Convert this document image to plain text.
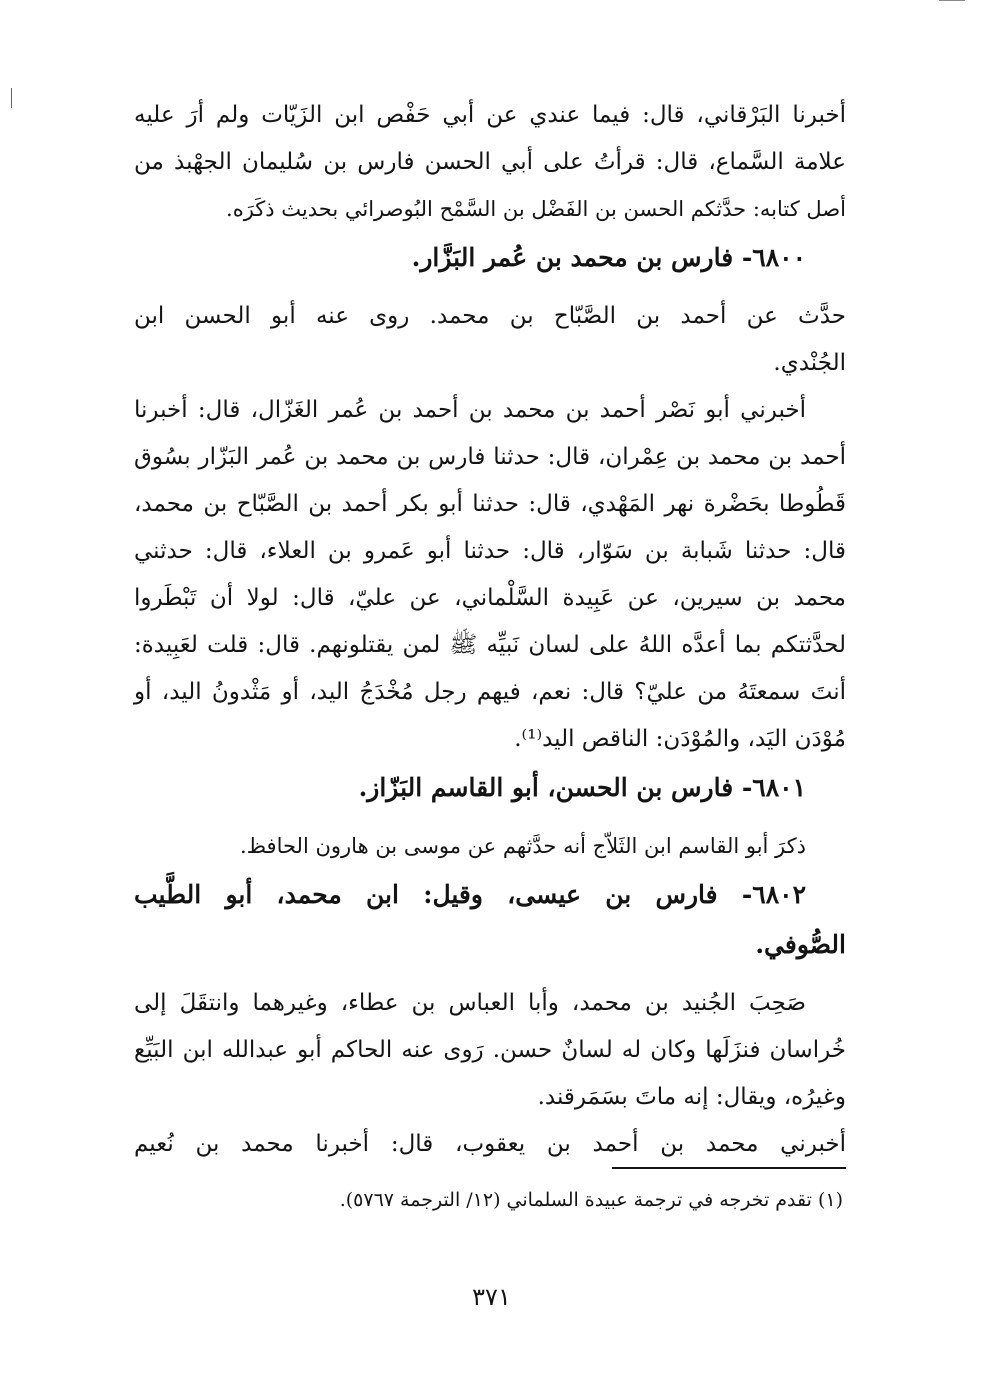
أخبرنا البَرْقاني، قال: فيما عندي عن أبي حَفْص ابن الزَيّات ولم أرَ عليه
علامة السَّماع، قال: قرأتُ على أبي الحسن فارس بن سُليمان الجهْبذ من
أصل كتابه: حدَّثكم الحسن بن الفَضْل بن السَّمْح البُوصرائي بحديث ذكَرَه.
٦٨٠٠- فارس بن محمد بن عُمر البَزَّار.
حدَّث عن أحمد بن الصَّبّاح بن محمد. روى عنه أبو الحسن ابن
الجُنْدي.
أخبرني أبو نَصْر أحمد بن محمد بن أحمد بن عُمر الغَزّال، قال: أخبرنا
أحمد بن محمد بن عِمْران، قال: حدثنا فارس بن محمد بن عُمر البَزّار بسُوق
قَطُوطا بحَضْرة نهر المَهْدي، قال: حدثنا أبو بكر أحمد بن الصَّبّاح بن محمد،
قال: حدثنا شَبابة بن سَوّار، قال: حدثنا أبو عَمرو بن العلاء، قال: حدثني
محمد بن سيرين، عن عَبِيدة السَّلْماني، عن عليّ، قال: لولا أن تَبْطَروا
لحدَّثتكم بما أعدَّه اللهُ على لسان نَبيِّه ﷺ لمن يقتلونهم. قال: قلت لعَبِيدة:
أنتَ سمعتَهُ من عليّ؟ قال: نعم، فيهم رجل مُخْدَجُ اليد، أو مَثْدونُ اليد، أو
مُوْدَن اليَد، والمُوْدَن: الناقص اليد⁽¹⁾.
٦٨٠١- فارس بن الحسن، أبو القاسم البَزّاز.
ذكرَ أبو القاسم ابن الثَلاّج أنه حدَّثهم عن موسى بن هارون الحافظ.
٦٨٠٢- فارس بن عيسى، وقيل: ابن محمد، أبو الطَّيب
الصُّوفي.
صَحِبَ الجُنيد بن محمد، وأبا العباس بن عطاء، وغيرهما وانتقَلَ إلى
خُراسان فنزَلَها وكان له لسانٌ حسن. رَوى عنه الحاكم أبو عبدالله ابن البَيِّع
وغيرُه، ويقال: إنه ماتَ بسَمَرقند.
أخبرني محمد بن أحمد بن يعقوب، قال: أخبرنا محمد بن نُعيم
(١) تقدم تخرجه في ترجمة عبيدة السلماني (١٢/ الترجمة ٥٧٦٧).
٣٧١
